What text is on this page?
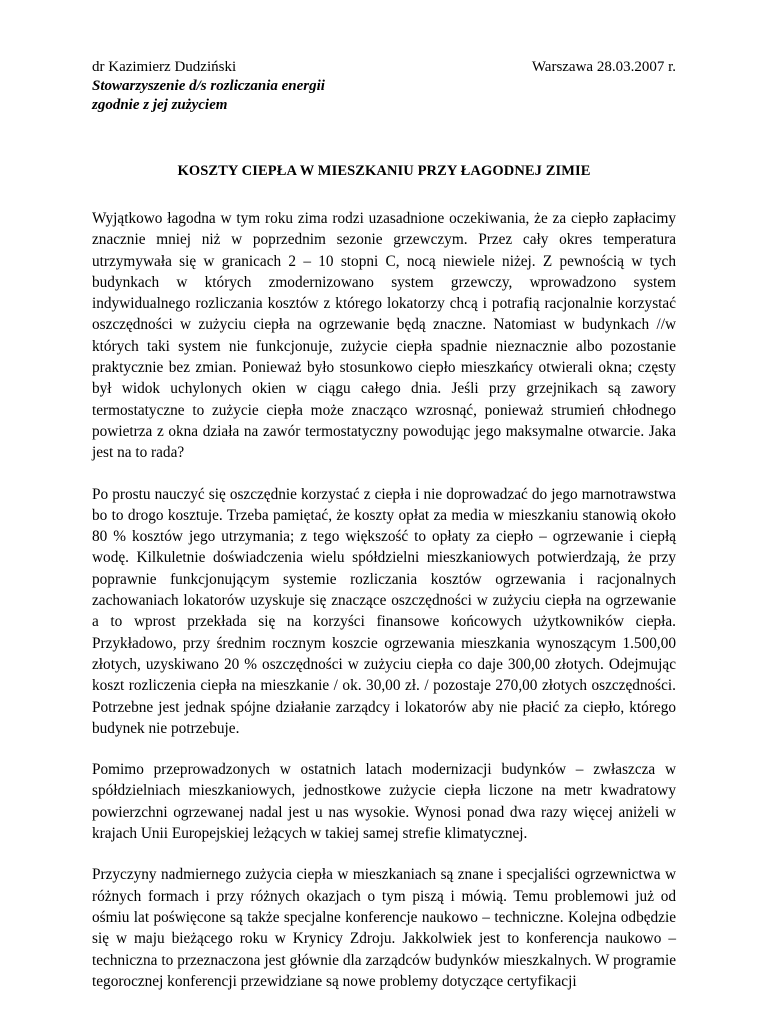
dr Kazimierz Dudziński
Stowarzyszenie d/s rozliczania energii
zgodnie z jej zużyciem
Warszawa 28.03.2007 r.
KOSZTY CIEPŁA W MIESZKANIU PRZY ŁAGODNEJ ZIMIE

Wyjątkowo łagodna w tym roku zima rodzi uzasadnione oczekiwania, że za ciepło zapłacimy znacznie mniej niż w poprzednim sezonie grzewczym. Przez cały okres temperatura utrzymywała się w granicach 2 – 10 stopni C, nocą niewiele niżej. Z pewnością w tych budynkach w których zmodernizowano system grzewczy, wprowadzono system indywidualnego rozliczania kosztów z którego lokatorzy chcą i potrafią racjonalnie korzystać oszczędności w zużyciu ciepła na ogrzewanie będą znaczne. Natomiast w budynkach //w których taki system nie funkcjonuje, zużycie ciepła spadnie nieznacznie albo pozostanie praktycznie bez zmian. Ponieważ było stosunkowo ciepło mieszkańcy otwierali okna; częsty był widok uchylonych okien w ciągu całego dnia. Jeśli przy grzejnikach są zawory termostatyczne to zużycie ciepła może znacząco wzrosnąć, ponieważ strumień chłodnego powietrza z okna działa na zawór termostatyczny powodując jego maksymalne otwarcie. Jaka jest na to rada?

Po prostu nauczyć się oszczędnie korzystać z ciepła i nie doprowadzać do jego marnotrawstwa bo to drogo kosztuje. Trzeba pamiętać, że koszty opłat za media w mieszkaniu stanowią około 80 % kosztów jego utrzymania; z tego większość to opłaty za ciepło – ogrzewanie i ciepłą wodę. Kilkuletnie doświadczenia wielu spółdzielni mieszkaniowych potwierdzają, że przy poprawnie funkcjonującym systemie rozliczania kosztów ogrzewania i racjonalnych zachowaniach lokatorów uzyskuje się znaczące oszczędności w zużyciu ciepła na ogrzewanie a to wprost przekłada się na korzyści finansowe końcowych użytkowników ciepła. Przykładowo, przy średnim rocznym koszcie ogrzewania mieszkania wynoszącym 1.500,00 złotych, uzyskiwano 20 % oszczędności w zużyciu ciepła co daje 300,00 złotych. Odejmując koszt rozliczenia ciepła na mieszkanie / ok. 30,00 zł. / pozostaje 270,00 złotych oszczędności. Potrzebne jest jednak spójne działanie zarządcy i lokatorów aby nie płacić za ciepło, którego budynek nie potrzebuje.

Pomimo przeprowadzonych w ostatnich latach modernizacji budynków – zwłaszcza w spółdzielniach mieszkaniowych, jednostkowe zużycie ciepła liczone na metr kwadratowy powierzchni ogrzewanej nadal jest u nas wysokie. Wynosi ponad dwa razy więcej aniżeli w krajach Unii Europejskiej leżących w takiej samej strefie klimatycznej.

Przyczyny nadmiernego zużycia ciepła w mieszkaniach są znane i specjaliści ogrzewnictwa w różnych formach i przy różnych okazjach o tym piszą i mówią. Temu problemowi już od ośmiu lat poświęcone są także specjalne konferencje naukowo – techniczne. Kolejna odbędzie się w maju bieżącego roku w Krynicy Zdroju. Jakkolwiek jest to konferencja naukowo – techniczna to przeznaczona jest głównie dla zarządców budynków mieszkalnych. W programie tegorocznej konferencji przewidziane są nowe problemy dotyczące certyfikacji
